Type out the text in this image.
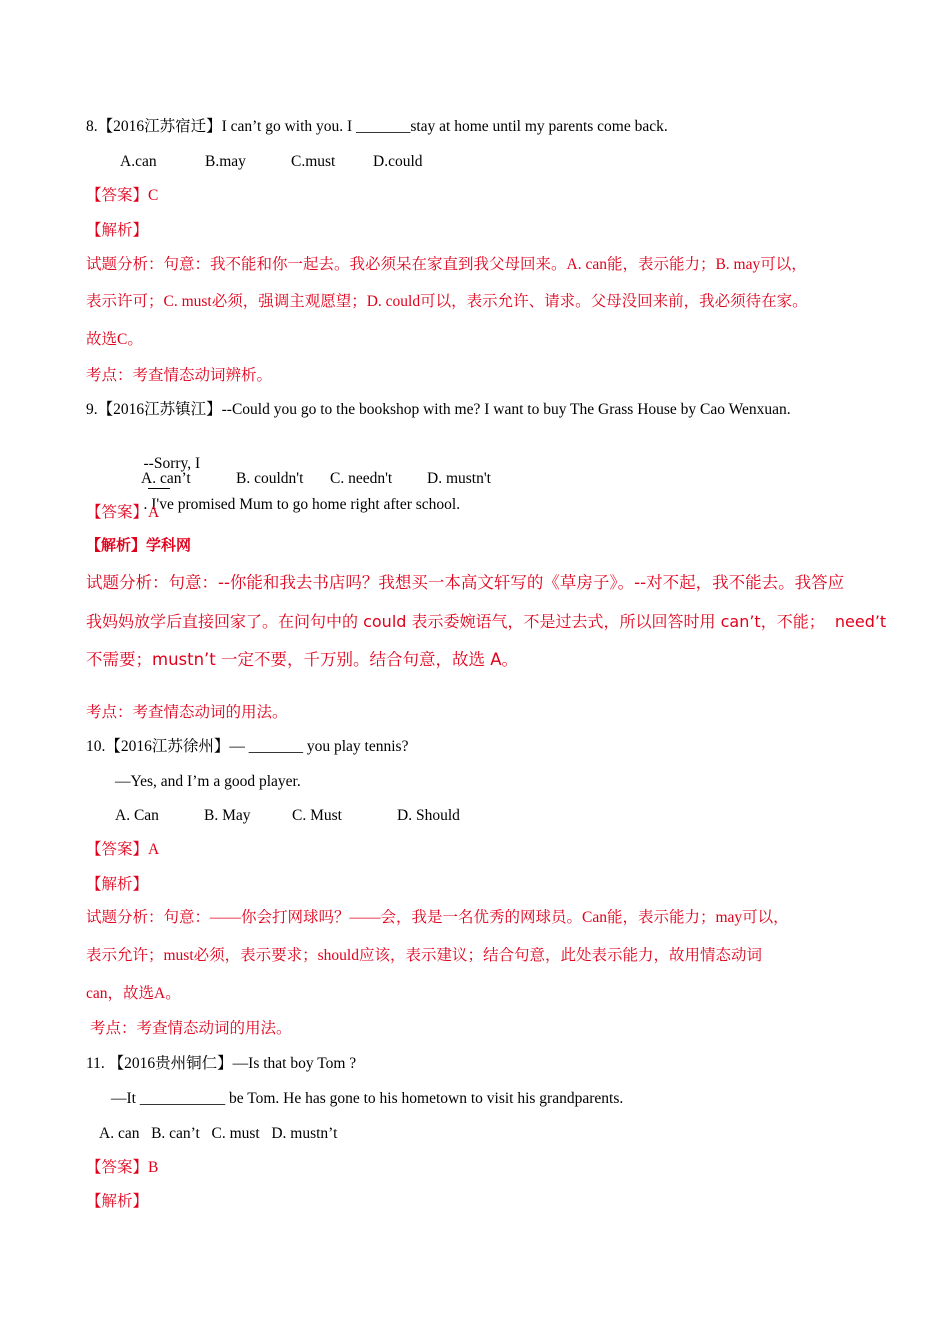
8.【2016江苏宿迁】I can’t go with you. I _______stay at home until my parents come back.
A.can	B.may	C.must D.could
【答案】C
【解析】
试题分析：句意：我不能和你一起去。我必须呆在家直到我父母回来。A. can能，表示能力；B. may可以，
表示许可；C. must必须，强调主观愿望；D. could可以，表示允许、请求。父母没回来前，我必须待在家。
故选C。
考点：考查情态动词辨析。
9.【2016江苏镇江】--Could you go to the bookshop with me? I want to buy The Grass House by Cao Wenxuan.

--Sorry, I

. I've promised Mum to go home right after school.

A. can’t	B. couldn't C. needn't D. mustn't
【答案】A
【解析】学科网
试题分析：句意：--你能和我去书店吗？我想买一本高文轩写的《草房子》。--对不起，我不能去。我答应
我妈妈放学后直接回家了。在问句中的 could 表示委婉语气，不是过去式，所以回答时用 can’t，不能；  need’t
不需要；mustn’t 一定不要，千万别。结合句意，故选 A。
考点：考查情态动词的用法。
10.【2016江苏徐州】— _______ you play tennis?
—Yes, and I’m a good player.
A. Can	B. May	C. Must	D. Should
【答案】A
【解析】
试题分析：句意：——你会打网球吗？——会，我是一名优秀的网球员。Can能，表示能力；may可以，
表示允许；must必须，表示要求；should应该，表示建议；结合句意，此处表示能力，故用情态动词
can，故选A。
考点：考查情态动词的用法。
11. 【2016贵州铜仁】—Is that boy Tom ?
—It ___________ be Tom. He has gone to his hometown to visit his grandparents.
A. can   B. can’t   C. must   D. mustn’t
【答案】B
【解析】
